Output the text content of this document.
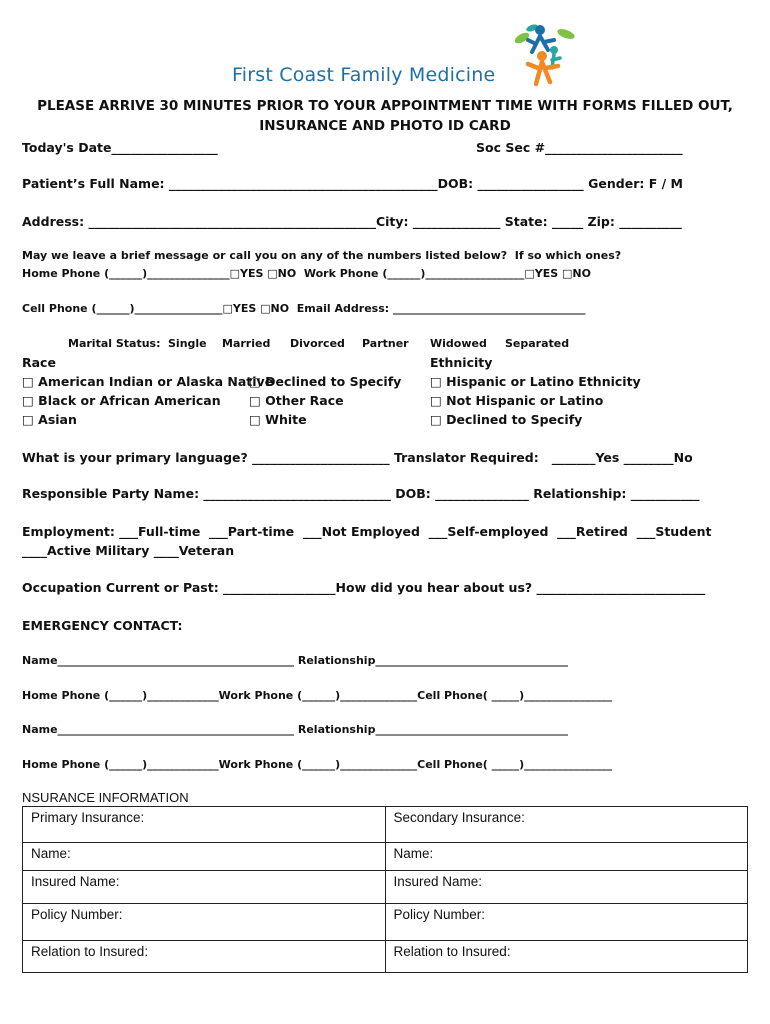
First Coast Family Medicine
PLEASE ARRIVE 30 MINUTES PRIOR TO YOUR APPOINTMENT TIME WITH FORMS FILLED OUT,
INSURANCE AND PHOTO ID CARD
Today's Date_________________	Soc Sec #______________________
Patient’s Full Name: ___________________________________________DOB: _________________ Gender: F / M
Address: ______________________________________________City: ______________ State: _____ Zip: __________
May we leave a brief message or call you on any of the numbers listed below?  If so which ones?
Home Phone (______)_______________□YES □NO  Work Phone (______)__________________□YES □NO
Cell Phone (______)________________□YES □NO  Email Address: ___________________________________
Marital Status: Single Married Divorced Partner Widowed Separated
Race
□ American Indian or Alaska Native
□ Black or African American
□ Asian
□ Declined to Specify
□ Other Race
□ White
Ethnicity
□ Hispanic or Latino Ethnicity
□ Not Hispanic or Latino
□ Declined to Specify
What is your primary language? ______________________ Translator Required:   _______Yes ________No
Responsible Party Name: ______________________________ DOB: _______________ Relationship: ___________
Employment: ___Full-time  ___Part-time  ___Not Employed  ___Self-employed  ___Retired  ___Student
____Active Military ____Veteran
Occupation Current or Past: __________________How did you hear about us? ___________________________
EMERGENCY CONTACT:
Name___________________________________________ Relationship___________________________________
Home Phone (______)_____________Work Phone (______)______________Cell Phone( _____)________________
Name___________________________________________ Relationship___________________________________
Home Phone (______)_____________Work Phone (______)______________Cell Phone( _____)________________
NSURANCE INFORMATION
Primary Insurance:	Secondary Insurance:
Name:	Name:
Insured Name:	Insured Name:
Policy Number:	Policy Number:
Relation to Insured:	Relation to Insured:
